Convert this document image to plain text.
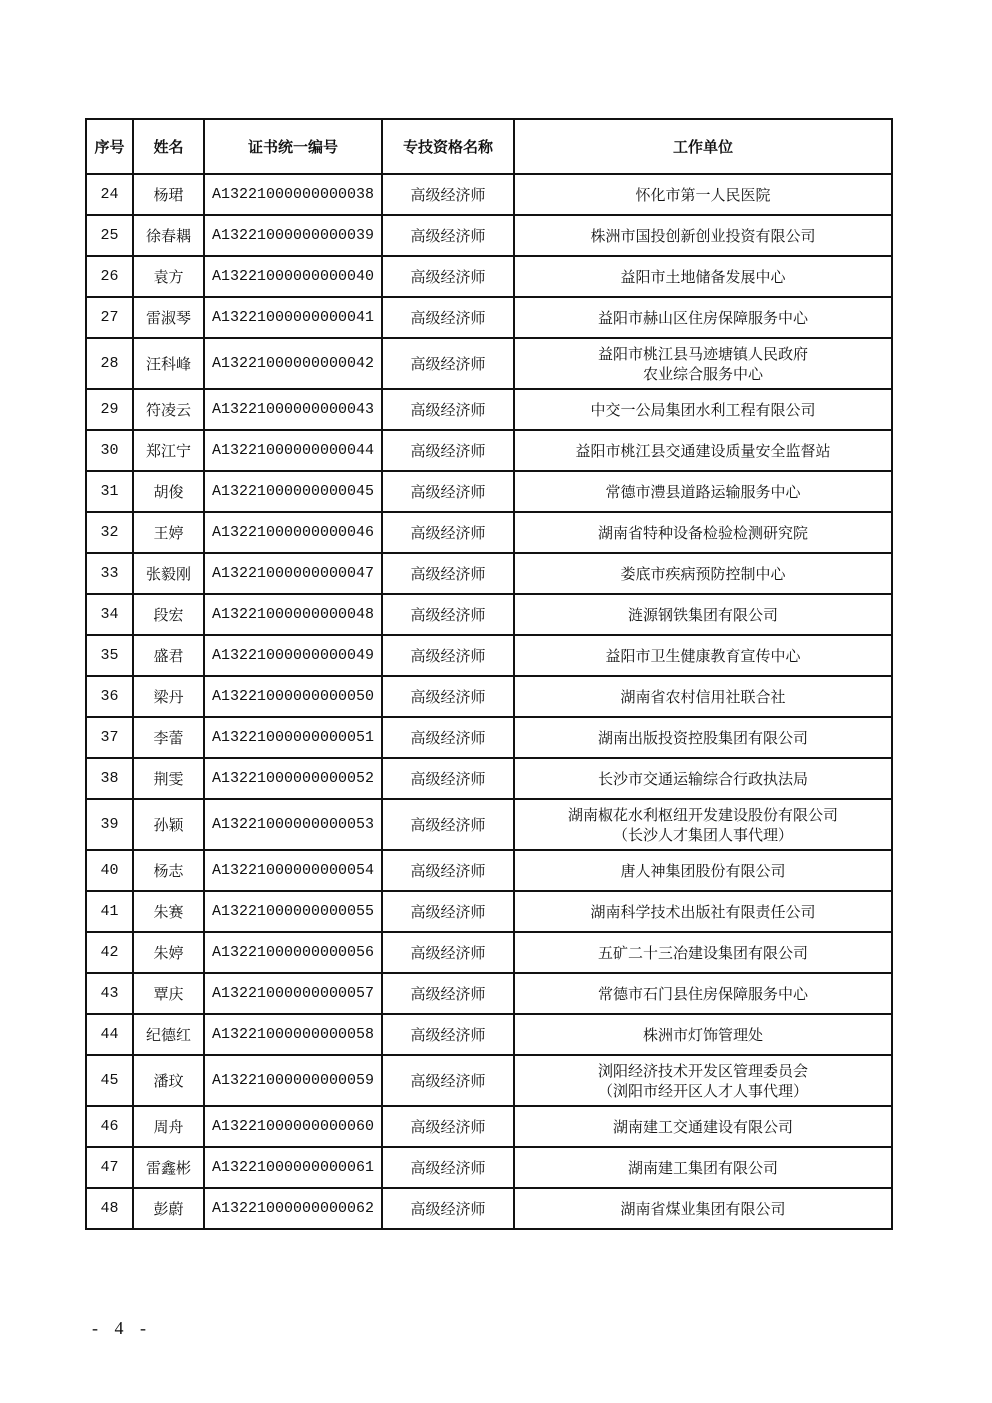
序号	姓名	证书统一编号	专技资格名称	工作单位
24	杨珺	A13221000000000038	高级经济师	怀化市第一人民医院

25	徐春耦	A13221000000000039	高级经济师	株洲市国投创新创业投资有限公司

26	袁方	A13221000000000040	高级经济师	益阳市土地储备发展中心

27	雷淑琴	A13221000000000041	高级经济师	益阳市赫山区住房保障服务中心

28	汪科峰	A13221000000000042	高级经济师	益阳市桃江县马迹塘镇人民政府
农业综合服务中心

29	符凌云	A13221000000000043	高级经济师	中交一公局集团水利工程有限公司

30	郑江宁	A13221000000000044	高级经济师	益阳市桃江县交通建设质量安全监督站

31	胡俊	A13221000000000045	高级经济师	常德市澧县道路运输服务中心

32	王婷	A13221000000000046	高级经济师	湖南省特种设备检验检测研究院

33	张毅刚	A13221000000000047	高级经济师	娄底市疾病预防控制中心

34	段宏	A13221000000000048	高级经济师	涟源钢铁集团有限公司

35	盛君	A13221000000000049	高级经济师	益阳市卫生健康教育宣传中心

36	梁丹	A13221000000000050	高级经济师	湖南省农村信用社联合社

37	李蕾	A13221000000000051	高级经济师	湖南出版投资控股集团有限公司

38	荆雯	A13221000000000052	高级经济师	长沙市交通运输综合行政执法局

39	孙颖	A13221000000000053	高级经济师	湖南椒花水利枢纽开发建设股份有限公司
（长沙人才集团人事代理）

40	杨志	A13221000000000054	高级经济师	唐人神集团股份有限公司

41	朱赛	A13221000000000055	高级经济师	湖南科学技术出版社有限责任公司

42	朱婷	A13221000000000056	高级经济师	五矿二十三冶建设集团有限公司

43	覃庆	A13221000000000057	高级经济师	常德市石门县住房保障服务中心

44	纪德红	A13221000000000058	高级经济师	株洲市灯饰管理处

45	潘玟	A13221000000000059	高级经济师	浏阳经济技术开发区管理委员会
（浏阳市经开区人才人事代理）

46	周舟	A13221000000000060	高级经济师	湖南建工交通建设有限公司

47	雷鑫彬	A13221000000000061	高级经济师	湖南建工集团有限公司

48	彭蔚	A13221000000000062	高级经济师	湖南省煤业集团有限公司
- 4 -
